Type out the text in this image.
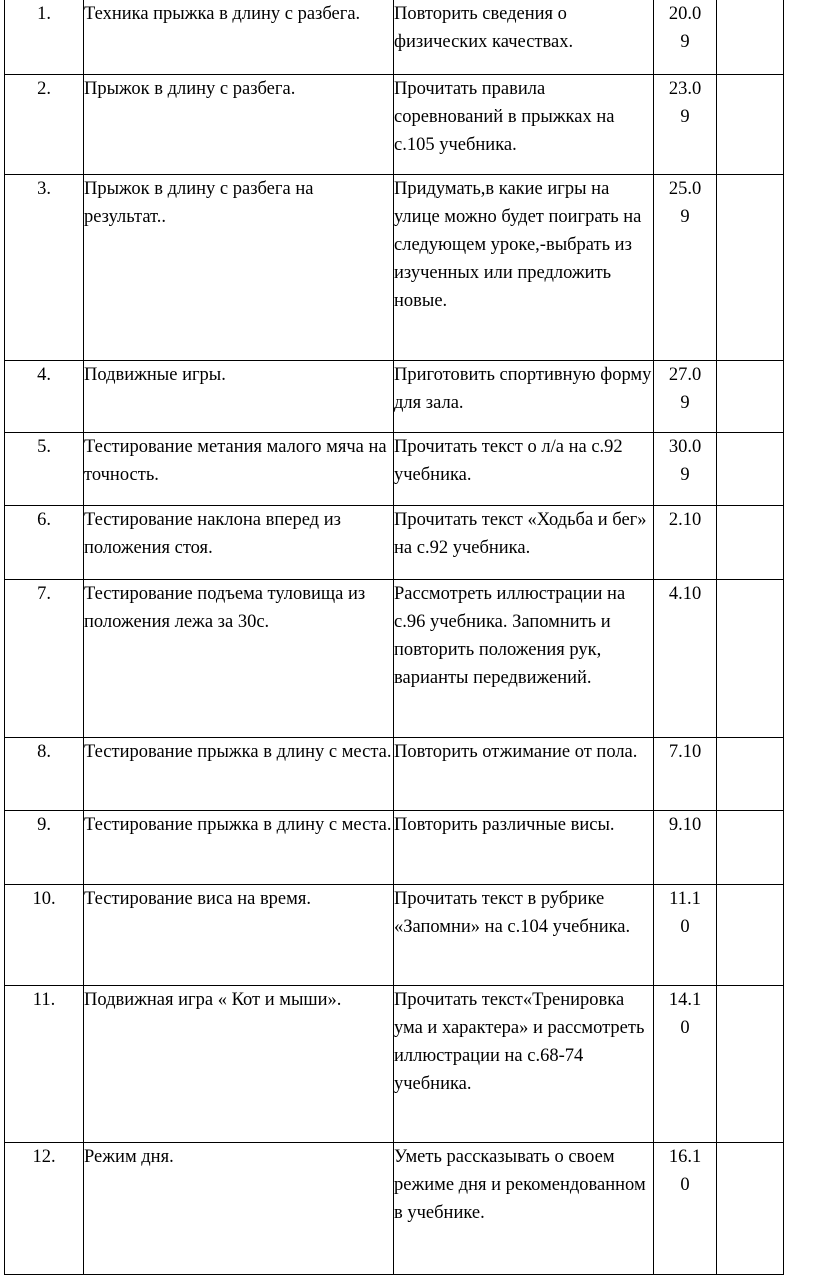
1.	Техника прыжка в длину с разбега.	Повторить сведения о физических качествах.	20.09	
2.	Прыжок в длину с разбега.	Прочитать правила соревнований в прыжках на с.105 учебника.	23.09	
3.	Прыжок в длину с разбега на результат..	Придумать,в какие игры на улице можно будет поиграть на следующем уроке,-выбрать из изученных или предложить новые.	25.09	
4.	Подвижные игры.	Приготовить спортивную форму для зала.	27.09	
5.	Тестирование метания малого мяча на точность.	Прочитать текст о л/а на с.92 учебника.	30.09	
6.	Тестирование наклона вперед из положения стоя.	Прочитать текст «Ходьба и бег» на с.92 учебника.	2.10	
7.	Тестирование подъема туловища из положения лежа за 30с.	Рассмотреть иллюстрации на с.96 учебника. Запомнить и повторить положения рук, варианты передвижений.	4.10	
8.	Тестирование прыжка в длину с места.	Повторить отжимание от пола.	7.10	
9.	Тестирование прыжка в длину с места.	Повторить различные висы.	9.10	
10.	Тестирование виса на время.	Прочитать текст в рубрике «Запомни» на с.104 учебника.	11.10	
11.	Подвижная игра « Кот и мыши».	Прочитать текст«Тренировка ума и характера» и рассмотреть иллюстрации на с.68-74 учебника.	14.10	
12.	Режим дня.	Уметь рассказывать о своем режиме дня и рекомендованном в учебнике.	16.10	
